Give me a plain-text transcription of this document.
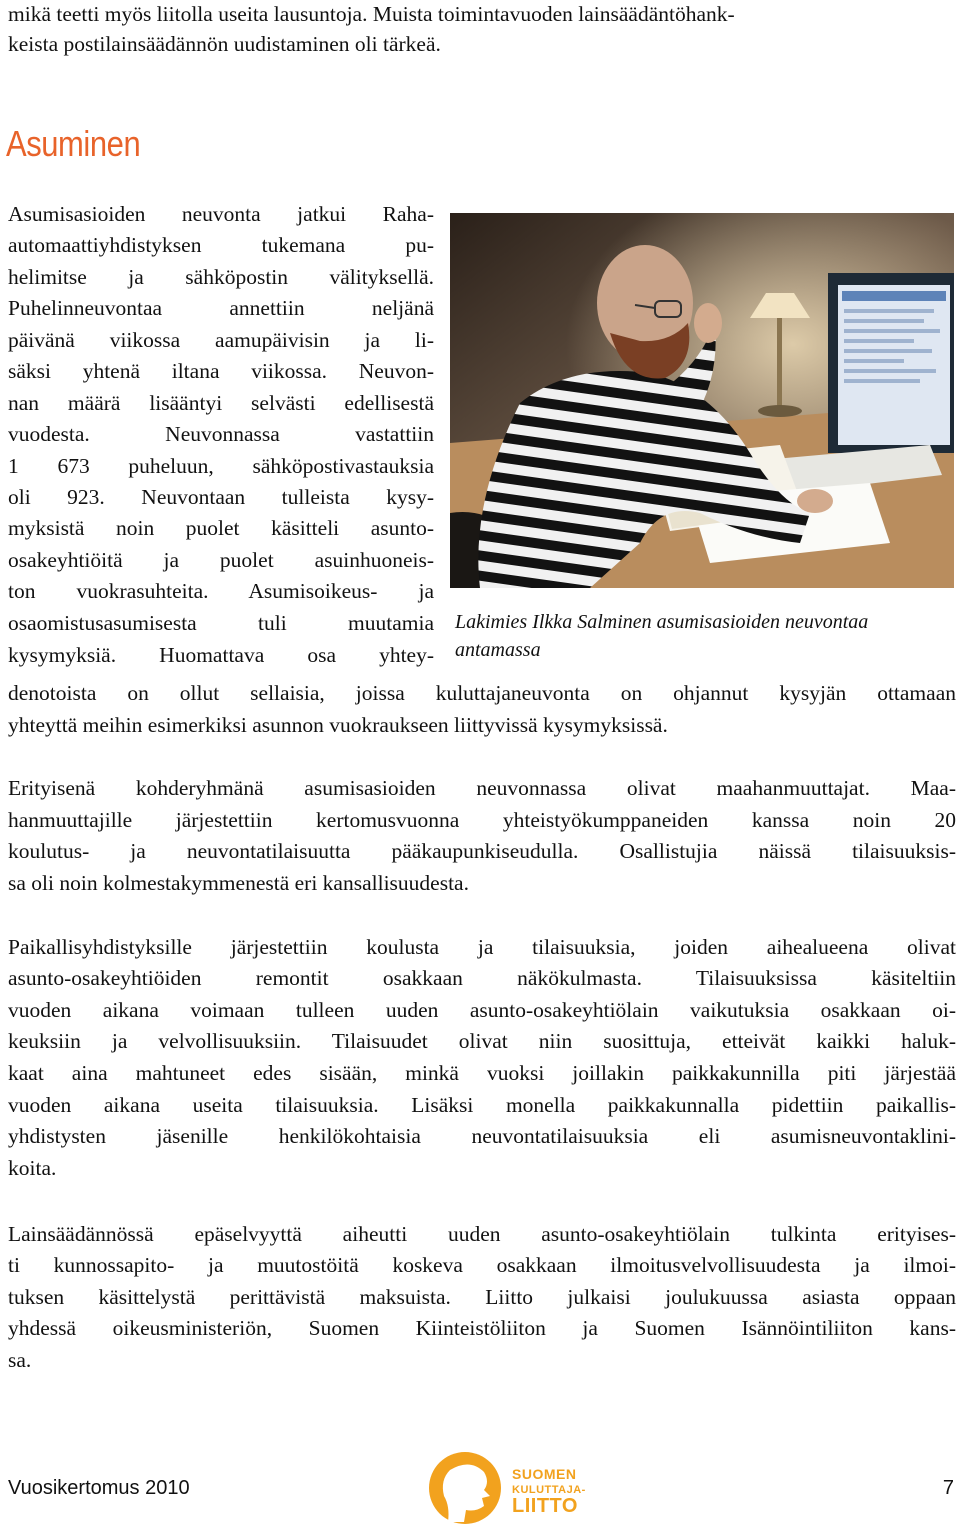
mikä teetti myös liitolla useita lausuntoja. Muista toimintavuoden lainsäädäntöhank-
keista postilainsäädännön uudistaminen oli tärkeä.
Asuminen
Asumisasioiden neuvonta jatkui Raha-
automaattiyhdistyksen tukemana pu-
helimitse ja sähköpostin välityksellä.
Puhelinneuvontaa annettiin neljänä
päivänä viikossa aamupäivisin ja li-
säksi yhtenä iltana viikossa. Neuvon-
nan määrä lisääntyi selvästi edellisestä
vuodesta. Neuvonnassa vastattiin
1 673 puheluun, sähköpostivastauksia
oli 923. Neuvontaan tulleista kysy-
myksistä noin puolet käsitteli asunto-
osakeyhtiöitä ja puolet asuinhuoneis-
ton vuokrasuhteita. Asumisoikeus- ja
osaomistusasumisesta tuli muutamia
kysymyksiä. Huomattava osa yhtey-
Lakimies Ilkka Salminen asumisasioiden neuvontaa antamassa
denotoista on ollut sellaisia, joissa kuluttajaneuvonta on ohjannut kysyjän ottamaan
yhteyttä meihin esimerkiksi asunnon vuokraukseen liittyvissä kysymyksissä.
Erityisenä kohderyhmänä asumisasioiden neuvonnassa olivat maahanmuuttajat. Maa-
hanmuuttajille järjestettiin kertomusvuonna yhteistyökumppaneiden kanssa noin 20
koulutus- ja neuvontatilaisuutta pääkaupunkiseudulla. Osallistujia näissä tilaisuuksis-
sa oli noin kolmestakymmenestä eri kansallisuudesta.
Paikallisyhdistyksille järjestettiin koulusta ja tilaisuuksia, joiden aihealueena olivat
asunto-osakeyhtiöiden remontit osakkaan näkökulmasta. Tilaisuuksissa käsiteltiin
vuoden aikana voimaan tulleen uuden asunto-osakeyhtiölain vaikutuksia osakkaan oi-
keuksiin ja velvollisuuksiin. Tilaisuudet olivat niin suosittuja, etteivät kaikki haluk-
kaat aina mahtuneet edes sisään, minkä vuoksi joillakin paikkakunnilla piti järjestää
vuoden aikana useita tilaisuuksia. Lisäksi monella paikkakunnalla pidettiin paikallis-
yhdistysten jäsenille henkilökohtaisia neuvontatilaisuuksia eli asumisneuvontaklini-
koita.
Lainsäädännössä epäselvyyttä aiheutti uuden asunto-osakeyhtiölain tulkinta erityises-
ti kunnossapito- ja muutostöitä koskeva osakkaan ilmoitusvelvollisuudesta ja ilmoi-
tuksen käsittelystä perittävistä maksuista. Liitto julkaisi joulukuussa asiasta oppaan
yhdessä oikeusministeriön, Suomen Kiinteistöliiton ja Suomen Isännöintiliiton kans-
sa.
Vuosikertomus 2010
SUOMEN
KULUTTAJA-
LIITTO
7
